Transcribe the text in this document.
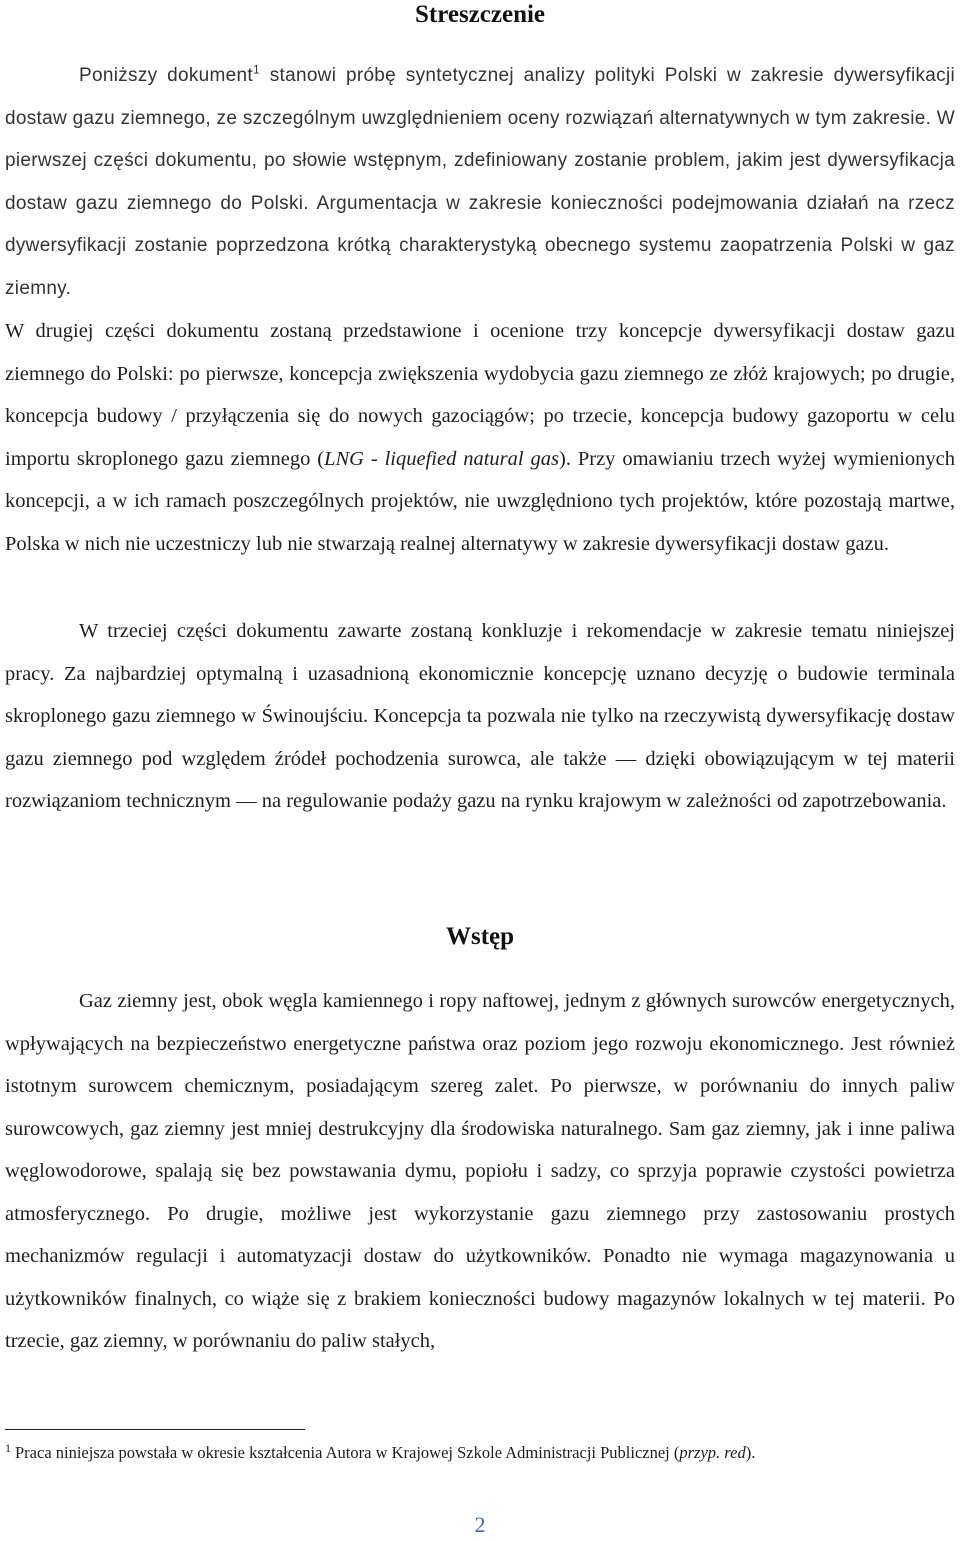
Streszczenie

Poniższy dokument$^1$ stanowi próbę syntetycznej analizy polityki Polski w zakresie dywersyfikacji dostaw gazu ziemnego, ze szczególnym uwzględnieniem oceny rozwiązań alternatywnych w tym zakresie. W pierwszej części dokumentu, po słowie wstępnym, zdefiniowany zostanie problem, jakim jest dywersyfikacja dostaw gazu ziemnego do Polski. Argumentacja w zakresie konieczności podejmowania działań na rzecz dywersyfikacji zostanie poprzedzona krótką charakterystyką obecnego systemu zaopatrzenia Polski w gaz ziemny.

Wstęp
$^1$ Praca niniejsza powstała w okresie kształcenia Autora w Krajowej Szkole Administracji Publicznej (przyp. red).
2

W drugiej części dokumentu zostaną przedstawione i ocenione trzy koncepcje dywersyfikacji dostaw gazu ziemnego do Polski: po pierwsze, koncepcja zwiększenia wydobycia gazu ziemnego ze złóż krajowych; po drugie, koncepcja budowy / przyłączenia się do nowych gazociągów; po trzecie, koncepcja budowy gazoportu w celu importu skroplonego gazu ziemnego (LNG - liquefied natural gas). Przy omawianiu trzech wyżej wymienionych koncepcji, a w ich ramach poszczególnych projektów, nie uwzględniono tych projektów, które pozostają martwe, Polska w nich nie uczestniczy lub nie stwarzają realnej alternatywy w zakresie dywersyfikacji dostaw gazu.

W trzeciej części dokumentu zawarte zostaną konkluzje i rekomendacje w zakresie tematu niniejszej pracy. Za najbardziej optymalną i uzasadnioną ekonomicznie koncepcję uznano decyzję o budowie terminala skroplonego gazu ziemnego w Świnoujściu. Koncepcja ta pozwala nie tylko na rzeczywistą dywersyfikację dostaw gazu ziemnego pod względem źródeł pochodzenia surowca, ale także — dzięki obowiązującym w tej materii rozwiązaniom technicznym — na regulowanie podaży gazu na rynku krajowym w zależności od zapotrzebowania.

Gaz ziemny jest, obok węgla kamiennego i ropy naftowej, jednym z głównych surowców energetycznych, wpływających na bezpieczeństwo energetyczne państwa oraz poziom jego rozwoju ekonomicznego. Jest również istotnym surowcem chemicznym, posiadającym szereg zalet. Po pierwsze, w porównaniu do innych paliw surowcowych, gaz ziemny jest mniej destrukcyjny dla środowiska naturalnego. Sam gaz ziemny, jak i inne paliwa węglowodorowe, spalają się bez powstawania dymu, popiołu i sadzy, co sprzyja poprawie czystości powietrza atmosferycznego. Po drugie, możliwe jest wykorzystanie gazu ziemnego przy zastosowaniu prostych mechanizmów regulacji i automatyzacji dostaw do użytkowników. Ponadto nie wymaga magazynowania u użytkowników finalnych, co wiąże się z brakiem konieczności budowy magazynów lokalnych w tej materii. Po trzecie, gaz ziemny, w porównaniu do paliw stałych,
